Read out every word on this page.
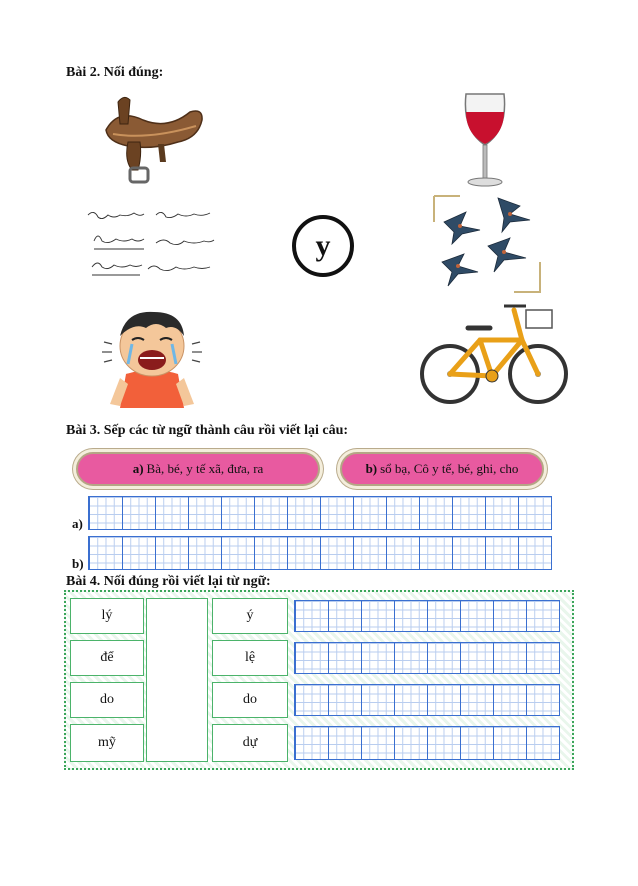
Bài 2. Nối đúng:
y
Bài 3. Sếp các từ ngữ thành câu rồi viết lại câu:
a) Bà, bé, y tế xã, đưa, ra	b) sổ bạ, Cô y tế, bé, ghi, cho
a)
b)
Bài 4. Nối đúng rồi viết lại từ ngữ:
lý
để
do
mỹ
ý
lệ
do
dự
